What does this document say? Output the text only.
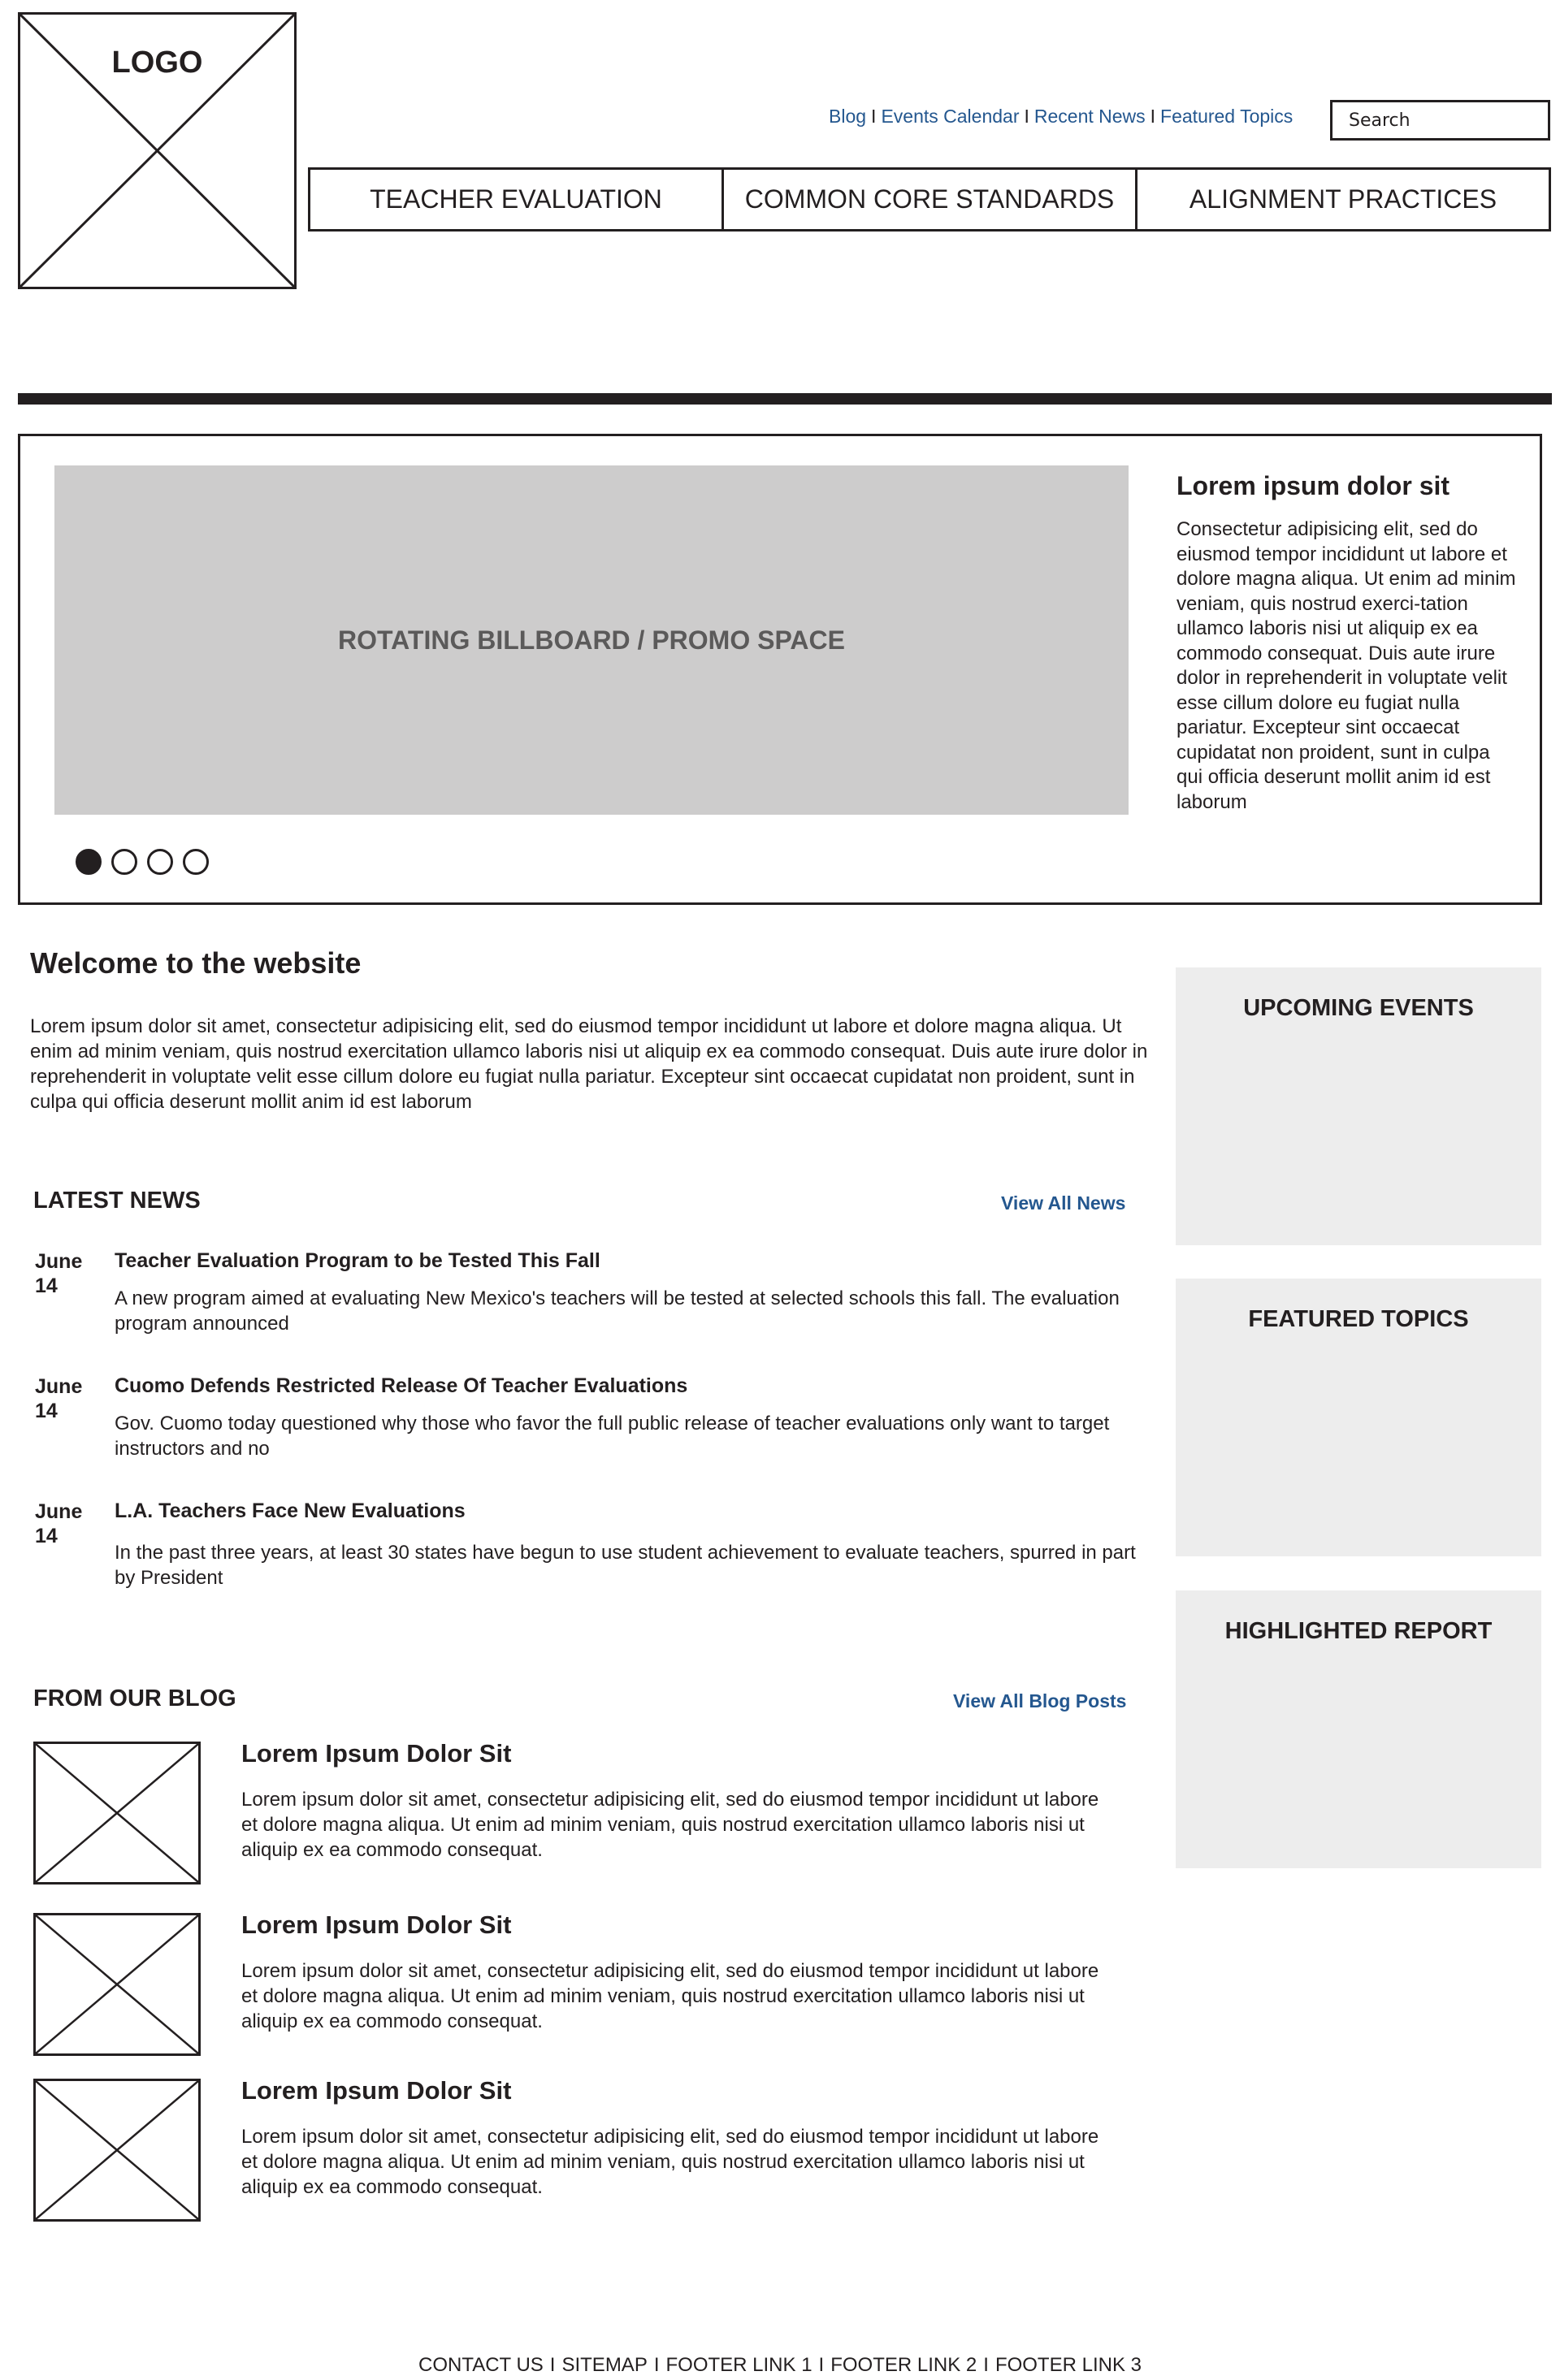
LOGO
Blog I Events Calendar I Recent News I Featured Topics
Search
TEACHER EVALUATION	COMMON CORE STANDARDS	ALIGNMENT PRACTICES
ROTATING BILLBOARD / PROMO SPACE
Lorem ipsum dolor sit

Consectetur adipisicing elit, sed do eiusmod tempor incididunt ut labore et dolore magna aliqua. Ut enim ad minim veniam, quis nostrud exerci-tation ullamco laboris nisi ut aliquip ex ea commodo consequat. Duis aute irure dolor in reprehenderit in voluptate velit esse cillum dolore eu fugiat nulla pariatur. Excepteur sint occaecat cupidatat non proident, sunt in culpa qui officia deserunt mollit anim id est laborum

Welcome to the website
Lorem ipsum dolor sit amet, consectetur adipisicing elit, sed do eiusmod tempor incididunt ut labore et dolore magna aliqua. Ut enim ad minim veniam, quis nostrud exercitation ullamco laboris nisi ut aliquip ex ea commodo consequat. Duis aute irure dolor in reprehenderit in voluptate velit esse cillum dolore eu fugiat nulla pariatur. Excepteur sint occaecat cupidatat non proident, sunt in culpa qui officia deserunt mollit anim id est laborum
LATEST NEWS	View All News
June
14
Teacher Evaluation Program to be Tested This Fall
A new program aimed at evaluating New Mexico's teachers will be tested at selected schools this fall. The evaluation program announced
June
14
Cuomo Defends Restricted Release Of Teacher Evaluations
Gov. Cuomo today questioned why those who favor the full public release of teacher evaluations only want to target instructors and no
June
14
L.A. Teachers Face New Evaluations
In the past three years, at least 30 states have begun to use student achievement to evaluate teachers, spurred in part by President
UPCOMING EVENTS
FEATURED TOPICS
HIGHLIGHTED REPORT
FROM OUR BLOG	View All Blog Posts
Lorem Ipsum Dolor Sit
Lorem ipsum dolor sit amet, consectetur adipisicing elit, sed do eiusmod tempor incididunt ut labore et dolore magna aliqua. Ut enim ad minim veniam, quis nostrud exercitation ullamco laboris nisi ut aliquip ex ea commodo consequat.
Lorem Ipsum Dolor Sit
Lorem ipsum dolor sit amet, consectetur adipisicing elit, sed do eiusmod tempor incididunt ut labore et dolore magna aliqua. Ut enim ad minim veniam, quis nostrud exercitation ullamco laboris nisi ut aliquip ex ea commodo consequat.
Lorem Ipsum Dolor Sit
Lorem ipsum dolor sit amet, consectetur adipisicing elit, sed do eiusmod tempor incididunt ut labore et dolore magna aliqua. Ut enim ad minim veniam, quis nostrud exercitation ullamco laboris nisi ut aliquip ex ea commodo consequat.
CONTACT US I SITEMAP I FOOTER LINK 1 I FOOTER LINK 2 I FOOTER LINK 3
